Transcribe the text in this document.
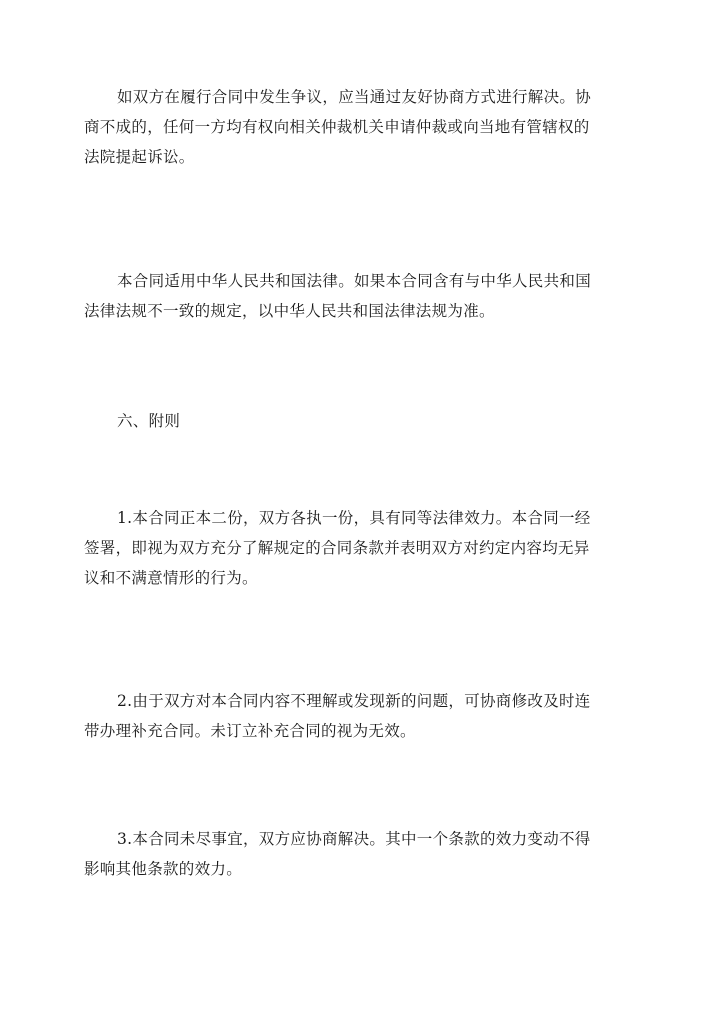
如双方在履行合同中发生争议，应当通过友好协商方式进行解决。协
商不成的，任何一方均有权向相关仲裁机关申请仲裁或向当地有管辖权的
法院提起诉讼。

本合同适用中华人民共和国法律。如果本合同含有与中华人民共和国
法律法规不一致的规定，以中华人民共和国法律法规为准。

六、附则

1.本合同正本二份，双方各执一份，具有同等法律效力。本合同一经
签署，即视为双方充分了解规定的合同条款并表明双方对约定内容均无异
议和不满意情形的行为。

2.由于双方对本合同内容不理解或发现新的问题，可协商修改及时连
带办理补充合同。未订立补充合同的视为无效。

3.本合同未尽事宜，双方应协商解决。其中一个条款的效力变动不得
影响其他条款的效力。
